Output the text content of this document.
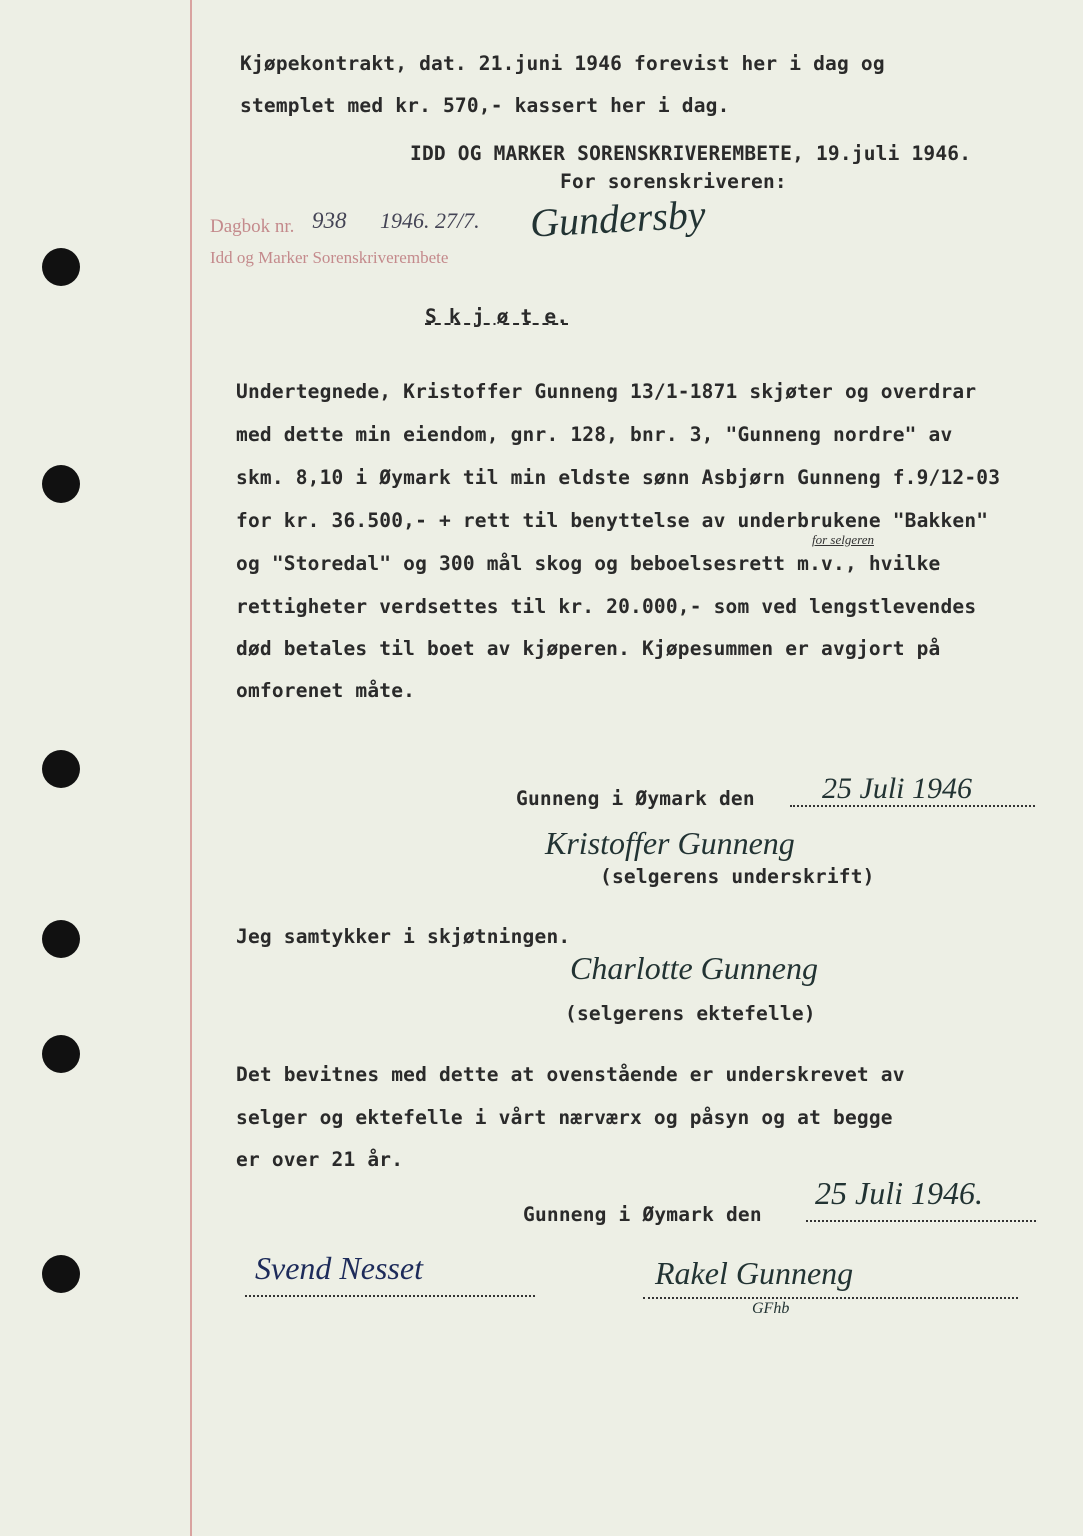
Kjøpekontrakt, dat. 21.juni 1946 forevist her i dag og
stemplet med kr. 570,- kassert her i dag.
IDD OG MARKER SORENSKRIVEREMBETE, 19.juli 1946.
For sorenskriveren:
Dagbok nr. 938 1946. 27/7.
Idd og Marker Sorenskriverembete
Gundersby
S k j ø t e.
Undertegnede, Kristoffer Gunneng 13/1-1871 skjøter og overdrar
med dette min eiendom, gnr. 128, bnr. 3, "Gunneng nordre" av
skm. 8,10 i Øymark til min eldste sønn Asbjørn Gunneng f.9/12-03
for kr. 36.500,- + rett til benyttelse av underbrukene "Bakken"
for selgeren
og "Storedal" og 300 mål skog og beboelsesrett m.v., hvilke
rettigheter verdsettes til kr. 20.000,- som ved lengstlevendes
død betales til boet av kjøperen. Kjøpesummen er avgjort på
omforenet måte.
Gunneng i Øymark den 25 Juli 1946
Kristoffer Gunneng
(selgerens underskrift)
Jeg samtykker i skjøtningen.
Charlotte Gunneng
(selgerens ektefelle)
Det bevitnes med dette at ovenstående er underskrevet av
selger og ektefelle i vårt nærværx og påsyn og at begge
er over 21 år.
Gunneng i Øymark den
25 Juli 1946.
Svend Nesset	Rakel Gunneng
GFhb
